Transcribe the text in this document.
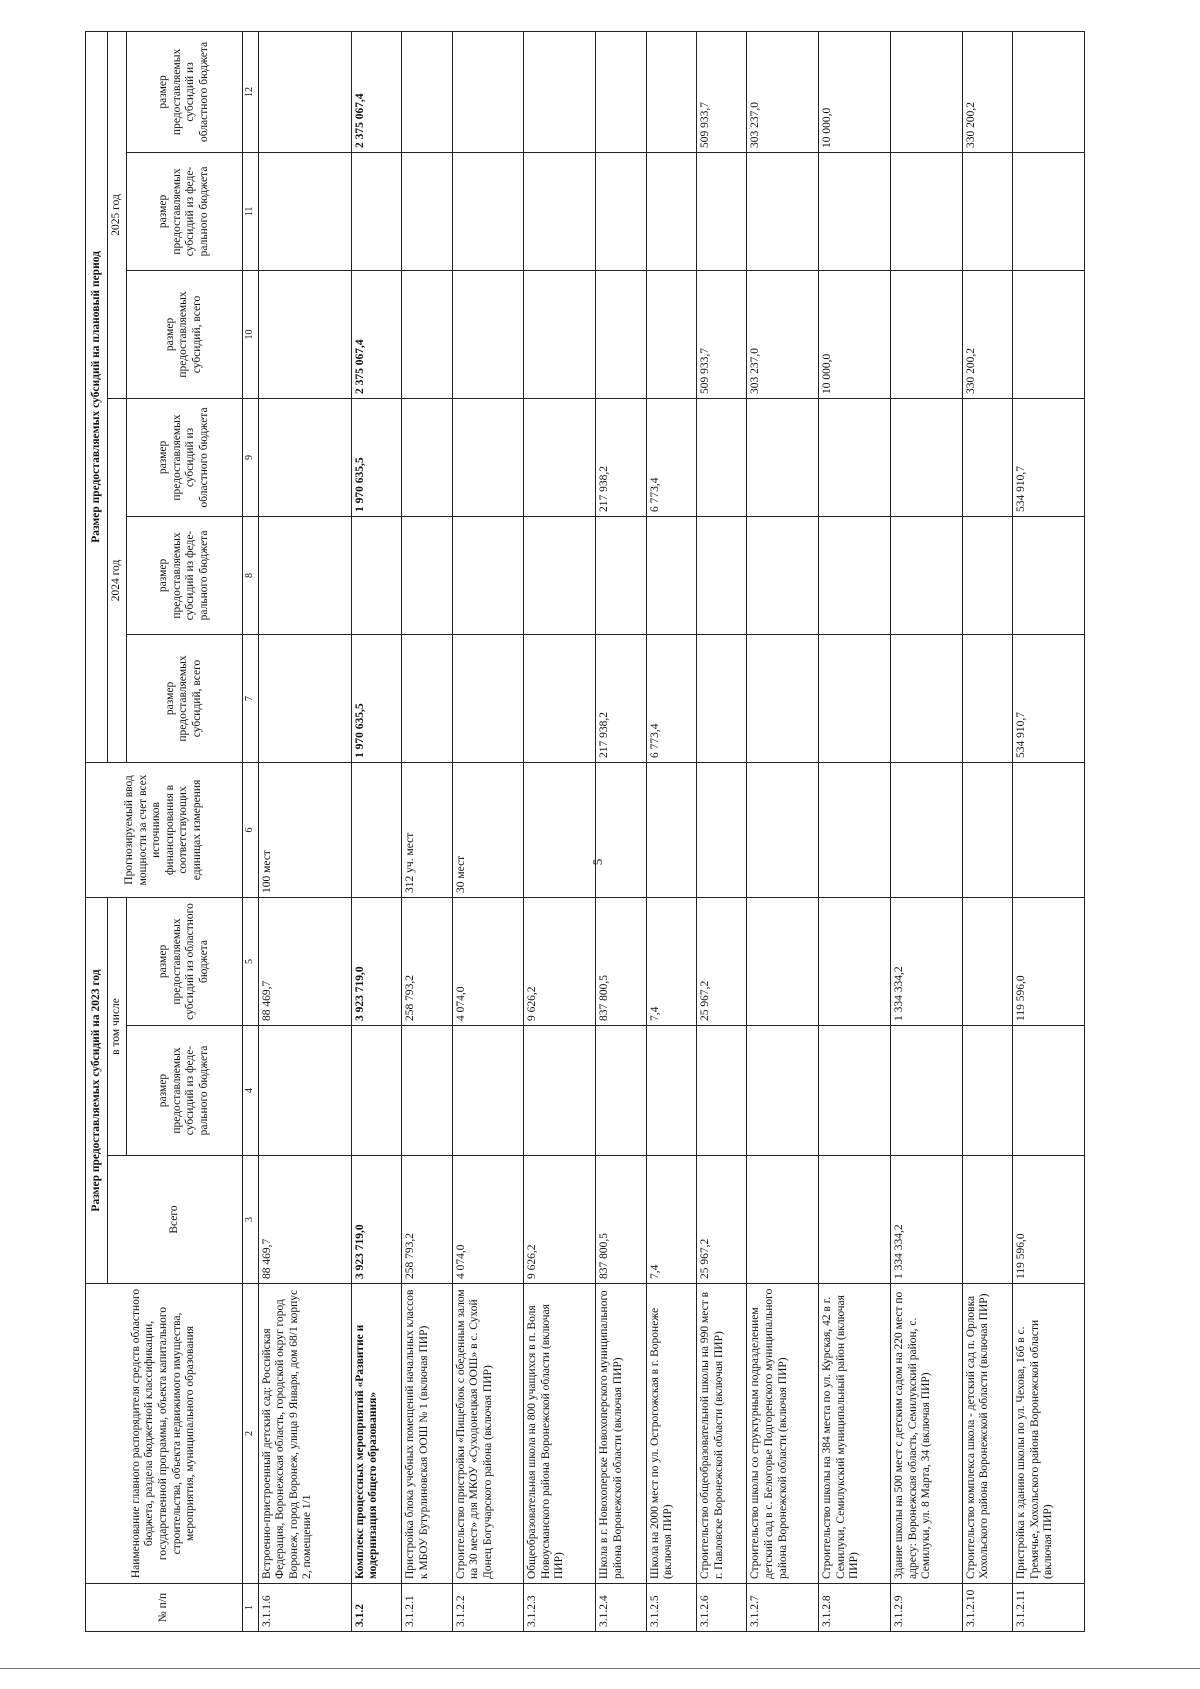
5
№ п/п	Наименование главного распорядителя средств областного бюджета, раздела бюджетной классификации, государственной программы, объекта капитального строительства, объекта недвижимого имущества, мероприятия, муниципального образования	Размер предоставляемых субсидий на 2023 год			Прогнозируемый ввод мощности за счет всех источников финансирования в соответствующих единицах измерения	Размер предоставляемых субсидий на плановый период					
		Всего	в том числе			2024 год			2025 год		
			размер предоставляемых субсидий из феде-рального бюджета	размер предоставляемых субсидий из областного бюджета		размер предоставляемых субсидий, всего	размер предоставляемых субсидий из феде-рального бюджета	размер предоставляемых субсидий из областного бюджета	размер предоставляемых субсидий, всего	размер предоставляемых субсидий из феде-рального бюджета	размер предоставляемых субсидий из областного бюджета

1	2	3	4	5	6	7	8	9	10	11	12
3.1.1.6	Встроенно-пристроенный детский сад: Российская Федерация, Воронежская область, городской округ город Воронеж, город Воронеж, улица 9 Января, дом 68/1 корпус 2, помещение 1/1	88 469,7		88 469,7	100 мест						
3.1.2	Комплекс процессных мероприятий «Развитие и модернизация общего образования»	3 923 719,0		3 923 719,0		1 970 635,5		1 970 635,5	2 375 067,4		2 375 067,4
3.1.2.1	Пристройка блока учебных помещений начальных классов к МБОУ Бутурлиновская ООШ № 1 (включая ПИР)	258 793,2		258 793,2	312 уч. мест						
3.1.2.2	Строительство пристройки «Пищеблок с обеденным залом на 30 мест» для МКОУ «Суходонецкая ООШ» в с. Сухой Донец Богучарского района (включая ПИР)	4 074,0		4 074,0	30 мест						
3.1.2.3	Общеобразовательная школа на 800 учащихся в п. Воля Новоусманского района Воронежской области (включая ПИР)	9 626,2		9 626,2							
3.1.2.4	Школа в г. Новохоперске Новохоперского муниципального района Воронежской области (включая ПИР)	837 800,5		837 800,5		217 938,2		217 938,2			
3.1.2.5	Школа на 2000 мест по ул. Острогожская в г. Воронеже (включая ПИР)	7,4		7,4		6 773,4		6 773,4			
3.1.2.6	Строительство общеобразовательной школы на 990 мест в г. Павловске Воронежской области (включая ПИР)	25 967,2		25 967,2					509 933,7		509 933,7
3.1.2.7	Строительство школы со структурным подразделением детский сад в с. Белогорье Подгоренского муниципального района Воронежской области (включая ПИР)								303 237,0		303 237,0
3.1.2.8	Строительство школы на 384 места по ул. Курская, 42 в г. Семилуки, Семилукский муниципальный район (включая ПИР)								10 000,0		10 000,0
3.1.2.9	Здание школы на 500 мест с детским садом на 220 мест по адресу: Воронежская область, Семилукский район, с. Семилуки, ул. 8 Марта, 34 (включая ПИР)	1 334 334,2		1 334 334,2							
3.1.2.10	Строительство комплекса школа - детский сад п. Орловка Хохольского района Воронежской области (включая ПИР)								330 200,2		330 200,2
3.1.2.11	Пристройка к зданию школы по ул. Чехова, 16б в с. Гремячье, Хохольского района Воронежской области (включая ПИР)	119 596,0		119 596,0		534 910,7		534 910,7			
